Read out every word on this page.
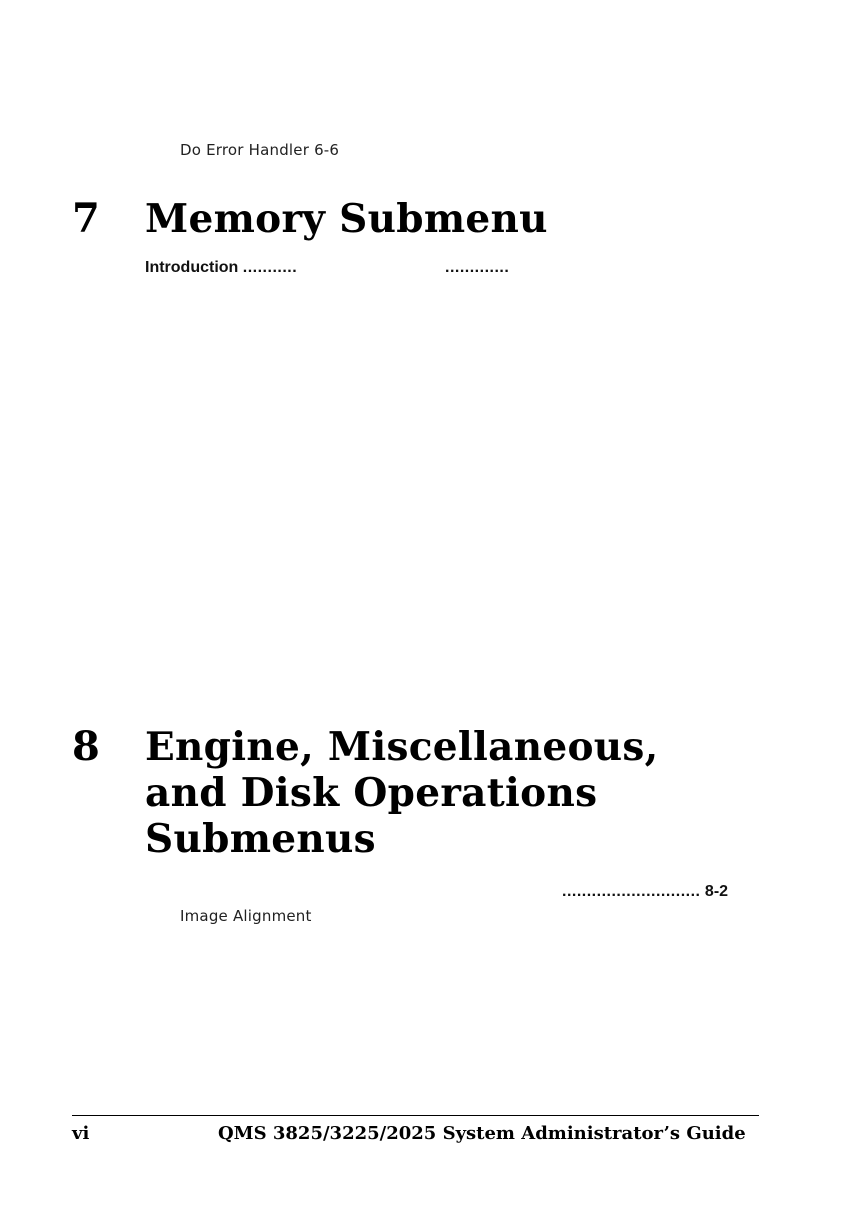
Do Error Handler 6-6
7 Memory Submenu
Introduction ...........	.............
8 Engine, Miscellaneous,
and Disk Operations
Submenus
............................ 8-2
Image Alignment
vi	QMS 3825/3225/2025 System Administrator’s Guide
